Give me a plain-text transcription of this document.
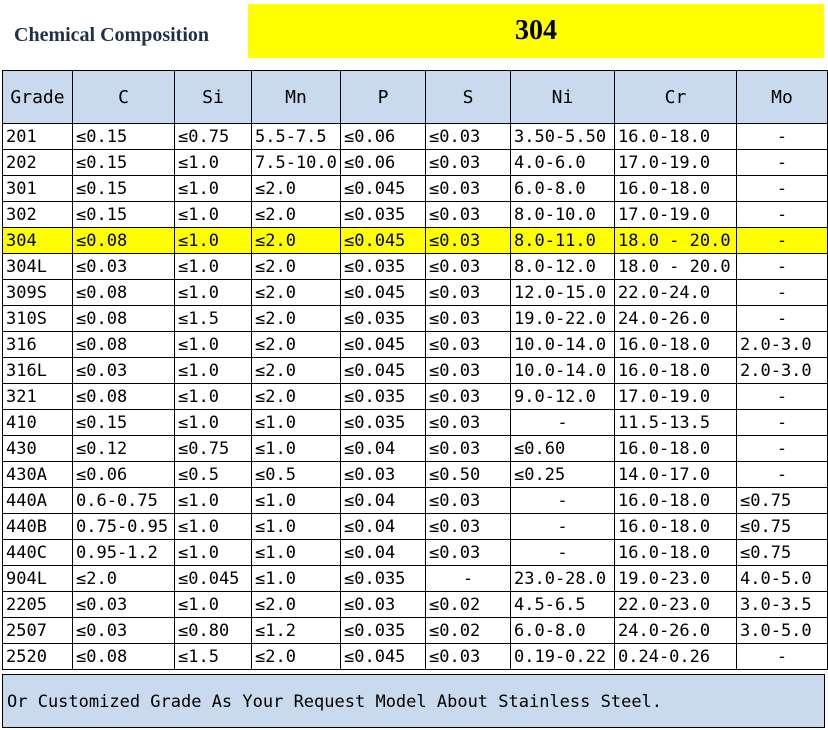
Chemical Composition	304
Grade	C	Si	Mn	P	S	Ni	Cr	Mo
201	≤0.15	≤0.75	5.5-7.5	≤0.06	≤0.03	3.50-5.50	16.0-18.0	-
202	≤0.15	≤1.0	7.5-10.0	≤0.06	≤0.03	4.0-6.0	17.0-19.0	-
301	≤0.15	≤1.0	≤2.0	≤0.045	≤0.03	6.0-8.0	16.0-18.0	-
302	≤0.15	≤1.0	≤2.0	≤0.035	≤0.03	8.0-10.0	17.0-19.0	-
304	≤0.08	≤1.0	≤2.0	≤0.045	≤0.03	8.0-11.0	18.0 - 20.0	-
304L	≤0.03	≤1.0	≤2.0	≤0.035	≤0.03	8.0-12.0	18.0 - 20.0	-
309S	≤0.08	≤1.0	≤2.0	≤0.045	≤0.03	12.0-15.0	22.0-24.0	-
310S	≤0.08	≤1.5	≤2.0	≤0.035	≤0.03	19.0-22.0	24.0-26.0	-
316	≤0.08	≤1.0	≤2.0	≤0.045	≤0.03	10.0-14.0	16.0-18.0	2.0-3.0
316L	≤0.03	≤1.0	≤2.0	≤0.045	≤0.03	10.0-14.0	16.0-18.0	2.0-3.0
321	≤0.08	≤1.0	≤2.0	≤0.035	≤0.03	9.0-12.0	17.0-19.0	-
410	≤0.15	≤1.0	≤1.0	≤0.035	≤0.03	-	11.5-13.5	-
430	≤0.12	≤0.75	≤1.0	≤0.04	≤0.03	≤0.60	16.0-18.0	-
430A	≤0.06	≤0.5	≤0.5	≤0.03	≤0.50	≤0.25	14.0-17.0	-
440A	0.6-0.75	≤1.0	≤1.0	≤0.04	≤0.03	-	16.0-18.0	≤0.75
440B	0.75-0.95	≤1.0	≤1.0	≤0.04	≤0.03	-	16.0-18.0	≤0.75
440C	0.95-1.2	≤1.0	≤1.0	≤0.04	≤0.03	-	16.0-18.0	≤0.75
904L	≤2.0	≤0.045	≤1.0	≤0.035	-	23.0-28.0	19.0-23.0	4.0-5.0
2205	≤0.03	≤1.0	≤2.0	≤0.03	≤0.02	4.5-6.5	22.0-23.0	3.0-3.5
2507	≤0.03	≤0.80	≤1.2	≤0.035	≤0.02	6.0-8.0	24.0-26.0	3.0-5.0
2520	≤0.08	≤1.5	≤2.0	≤0.045	≤0.03	0.19-0.22	0.24-0.26	-
Or Customized Grade As Your Request Model About Stainless Steel.
